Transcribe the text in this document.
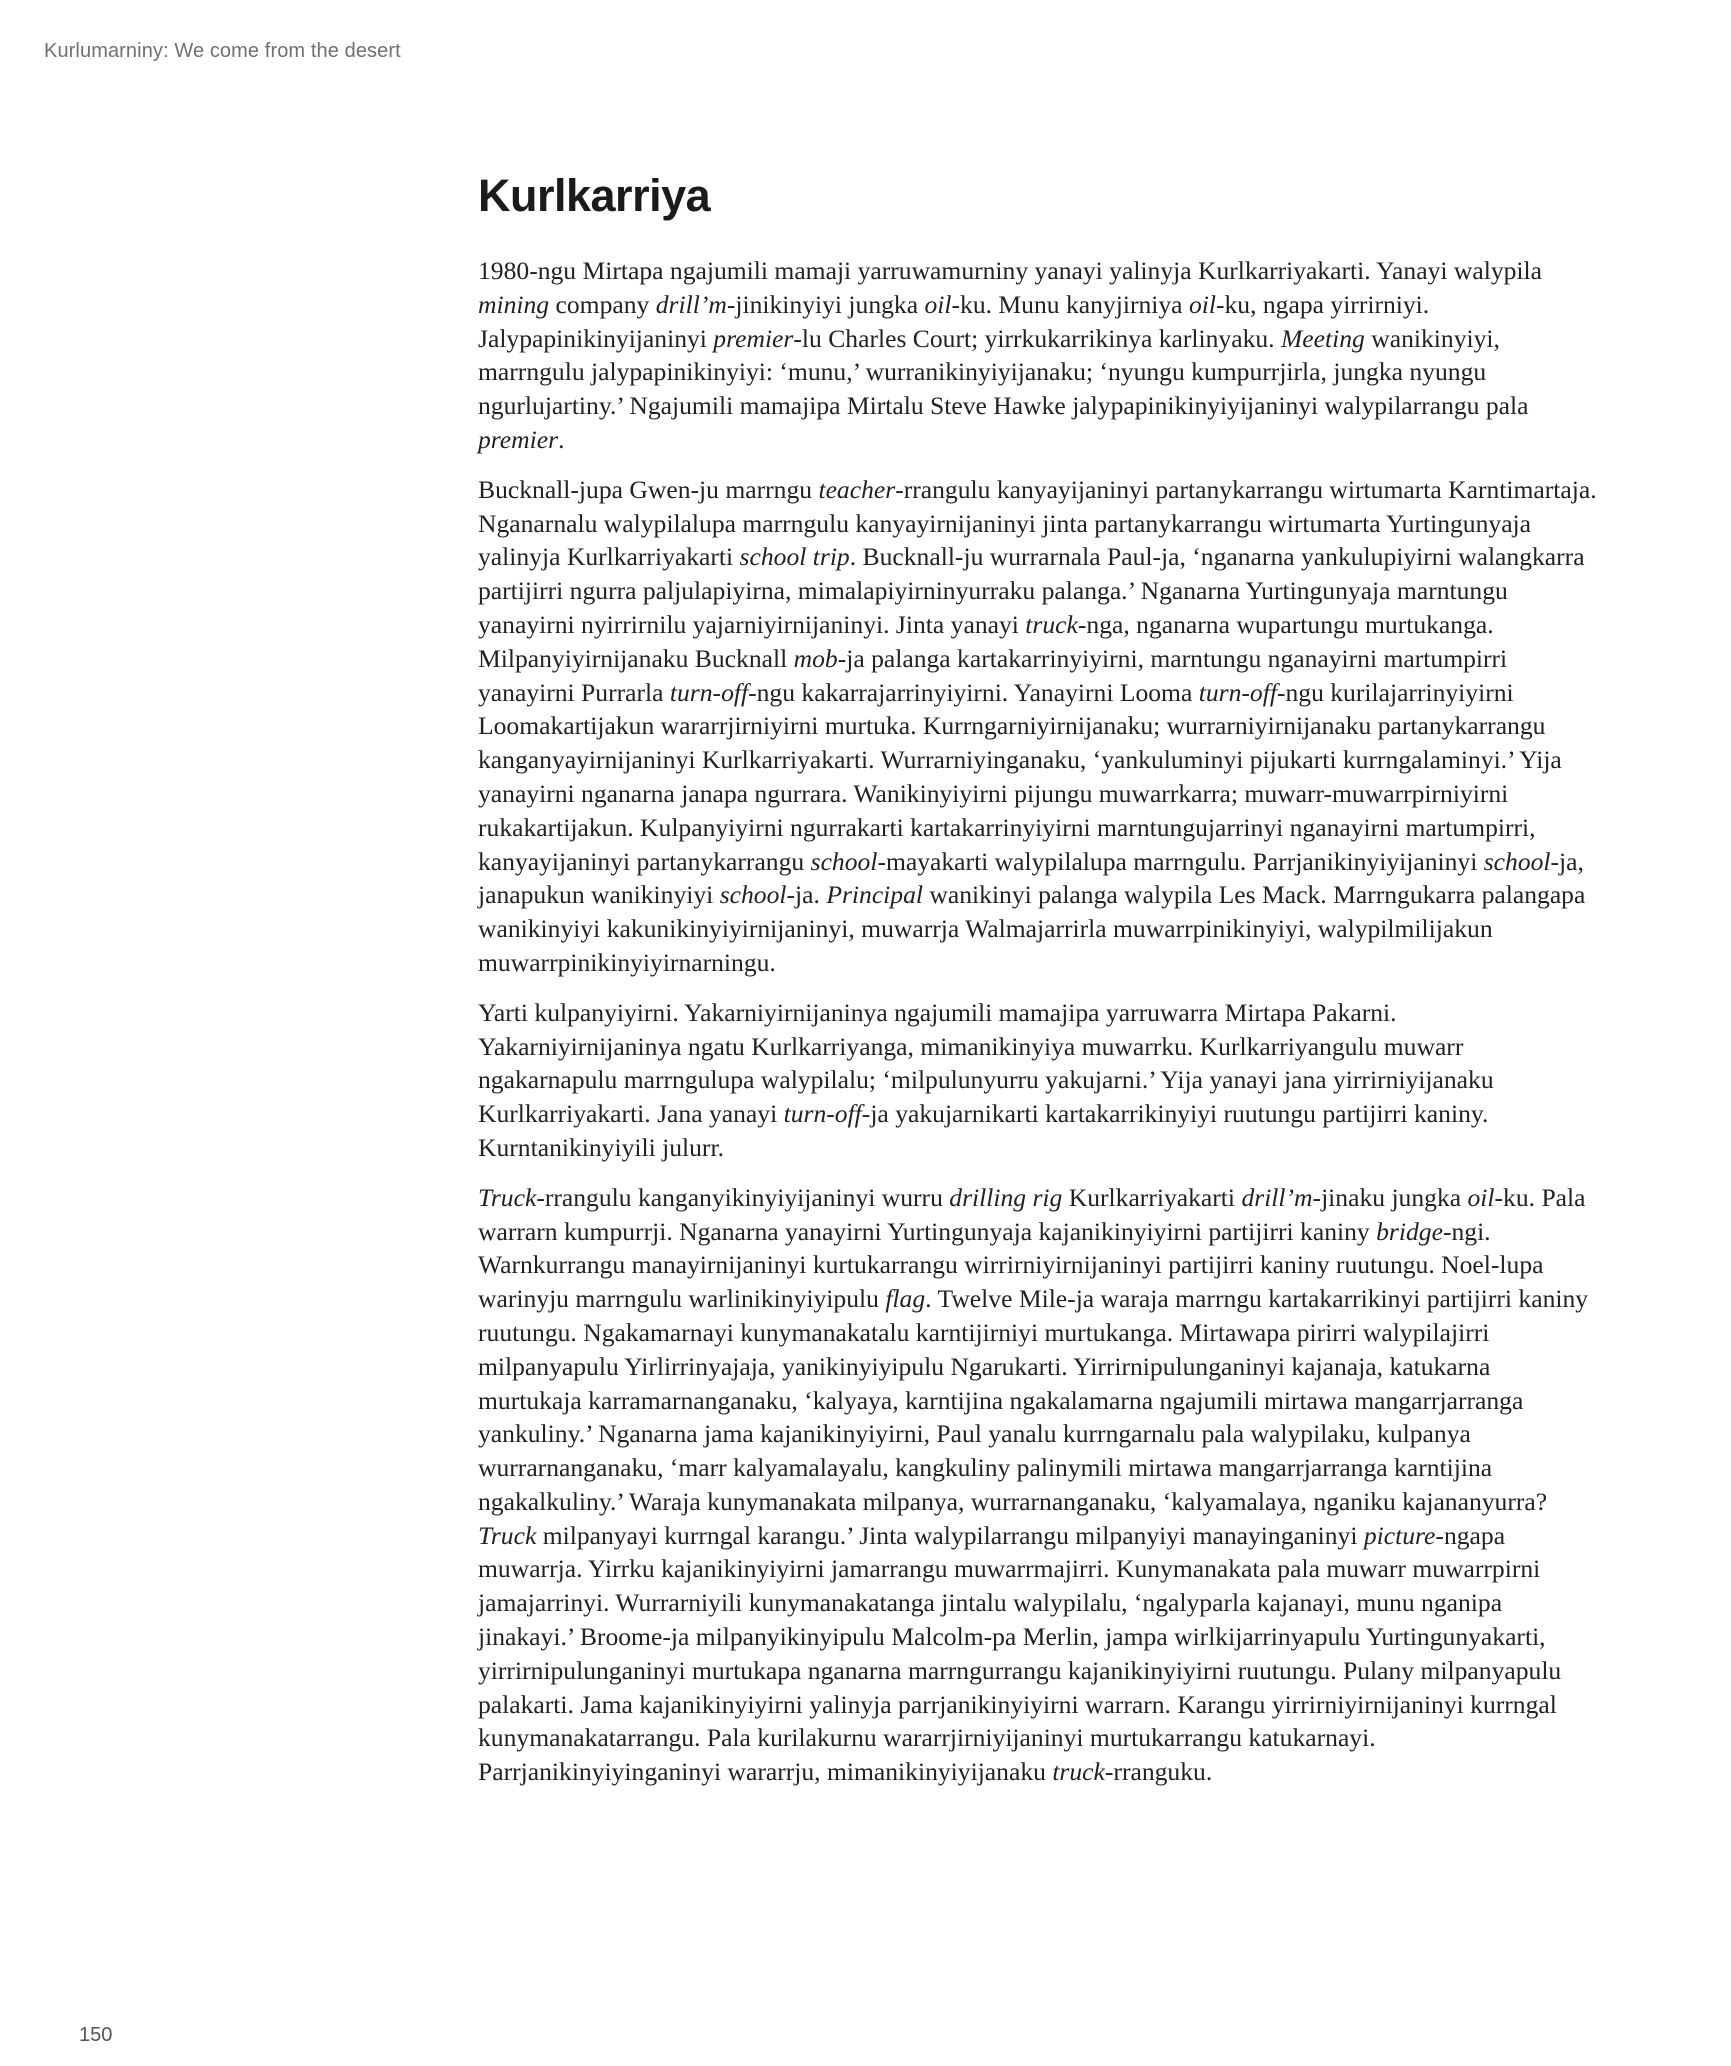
Kurlumarniny: We come from the desert
Kurlkarriya

1980-ngu Mirtapa ngajumili mamaji yarruwamurniny yanayi yalinyja Kurlkarriyakarti. Yanayi walypila mining company drill’m-jinikinyiyi jungka oil-ku. Munu kanyjirniya oil-ku, ngapa yirrirniyi. Jalypapinikinyijaninyi premier-lu Charles Court; yirrkukarrikinya karlinyaku. Meeting wanikinyiyi, marrngulu jalypapinikinyiyi: ‘munu,’ wurranikinyiyijanaku; ‘nyungu kumpurrjirla, jungka nyungu ngurlujartiny.’ Ngajumili mamajipa Mirtalu Steve Hawke jalypapinikinyiyijaninyi walypilarrangu pala premier.

Bucknall-jupa Gwen-ju marrngu teacher-rrangulu kanyayijaninyi partanykarrangu wirtumarta Karntimartaja. Nganarnalu walypilalupa marrngulu kanyayirnijaninyi jinta partanykarrangu wirtumarta Yurtingunyaja yalinyja Kurlkarriyakarti school trip. Bucknall-ju wurrarnala Paul-ja, ‘nganarna yankulupiyirni walangkarra partijirri ngurra paljulapiyirna, mimalapiyirninyurraku palanga.’ Nganarna Yurtingunyaja marntungu yanayirni nyirrirnilu yajarniyirnijaninyi. Jinta yanayi truck-nga, nganarna wupartungu murtukanga. Milpanyiyirnijanaku Bucknall mob-ja palanga kartakarrinyiyirni, marntungu nganayirni martumpirri yanayirni Purrarla turn-off-ngu kakarrajarrinyiyirni. Yanayirni Looma turn-off-ngu kurilajarrinyiyirni Loomakartijakun wararrjirniyirni murtuka. Kurrngarniyirnijanaku; wurrarniyirnijanaku partanykarrangu kanganyayirnijaninyi Kurlkarriyakarti. Wurrarniyinganaku, ‘yankuluminyi pijukarti kurrngalaminyi.’ Yija yanayirni nganarna janapa ngurrara. Wanikinyiyirni pijungu muwarrkarra; muwarr-muwarrpirniyirni rukakartijakun. Kulpanyiyirni ngurrakarti kartakarrinyiyirni marntungujarrinyi nganayirni martumpirri, kanyayijaninyi partanykarrangu school-mayakarti walypilalupa marrngulu. Parrjanikinyiyijaninyi school-ja, janapukun wanikinyiyi school-ja. Principal wanikinyi palanga walypila Les Mack. Marrngukarra palangapa wanikinyiyi kakunikinyiyirnijaninyi, muwarrja Walmajarrirla muwarrpinikinyiyi, walypilmilijakun muwarrpinikinyiyirnarningu.

Yarti kulpanyiyirni. Yakarniyirnijaninya ngajumili mamajipa yarruwarra Mirtapa Pakarni. Yakarniyirnijaninya ngatu Kurlkarriyanga, mimanikinyiya muwarrku. Kurlkarriyangulu muwarr ngakarnapulu marrngulupa walypilalu; ‘milpulunyurru yakujarni.’ Yija yanayi jana yirrirniyijanaku Kurlkarriyakarti. Jana yanayi turn-off-ja yakujarnikarti kartakarrikinyiyi ruutungu partijirri kaniny. Kurntanikinyiyili julurr.

Truck-rrangulu kanganyikinyiyijaninyi wurru drilling rig Kurlkarriyakarti drill’m-jinaku jungka oil-ku. Pala warrarn kumpurrji. Nganarna yanayirni Yurtingunyaja kajanikinyiyirni partijirri kaniny bridge-ngi. Warnkurrangu manayirnijaninyi kurtukarrangu wirrirniyirnijaninyi partijirri kaniny ruutungu. Noel-lupa warinyju marrngulu warlinikinyiyipulu flag. Twelve Mile-ja waraja marrngu kartakarrikinyi partijirri kaniny ruutungu. Ngakamarnayi kunymanakatalu karntijirniyi murtukanga. Mirtawapa pirirri walypilajirri milpanyapulu Yirlirrinyajaja, yanikinyiyipulu Ngarukarti. Yirrirnipulunganinyi kajanaja, katukarna murtukaja karramarnanganaku, ‘kalyaya, karntijina ngakalamarna ngajumili mirtawa mangarrjarranga yankuliny.’ Nganarna jama kajanikinyiyirni, Paul yanalu kurrngarnalu pala walypilaku, kulpanya wurrarnanganaku, ‘marr kalyamalayalu, kangkuliny palinymili mirtawa mangarrjarranga karntijina ngakalkuliny.’ Waraja kunymanakata milpanya, wurrarnanganaku, ‘kalyamalaya, nganiku kajananyurra? Truck milpanyayi kurrngal karangu.’ Jinta walypilarrangu milpanyiyi manayinganinyi picture-ngapa muwarrja. Yirrku kajanikinyiyirni jamarrangu muwarrmajirri. Kunymanakata pala muwarr muwarrpirni jamajarrinyi. Wurrarniyili kunymanakatanga jintalu walypilalu, ‘ngalyparla kajanayi, munu nganipa jinakayi.’ Broome-ja milpanyikinyipulu Malcolm-pa Merlin, jampa wirlkijarrinyapulu Yurtingunyakarti, yirrirnipulunganinyi murtukapa nganarna marrngurrangu kajanikinyiyirni ruutungu. Pulany milpanyapulu palakarti. Jama kajanikinyiyirni yalinyja parrjanikinyiyirni warrarn. Karangu yirrirniyirnijaninyi kurrngal kunymanakatarrangu. Pala kurilakurnu wararrjirniyijaninyi murtukarrangu katukarnayi. Parrjanikinyiyinganinyi wararrju, mimanikinyiyijanaku truck-rranguku.

150
